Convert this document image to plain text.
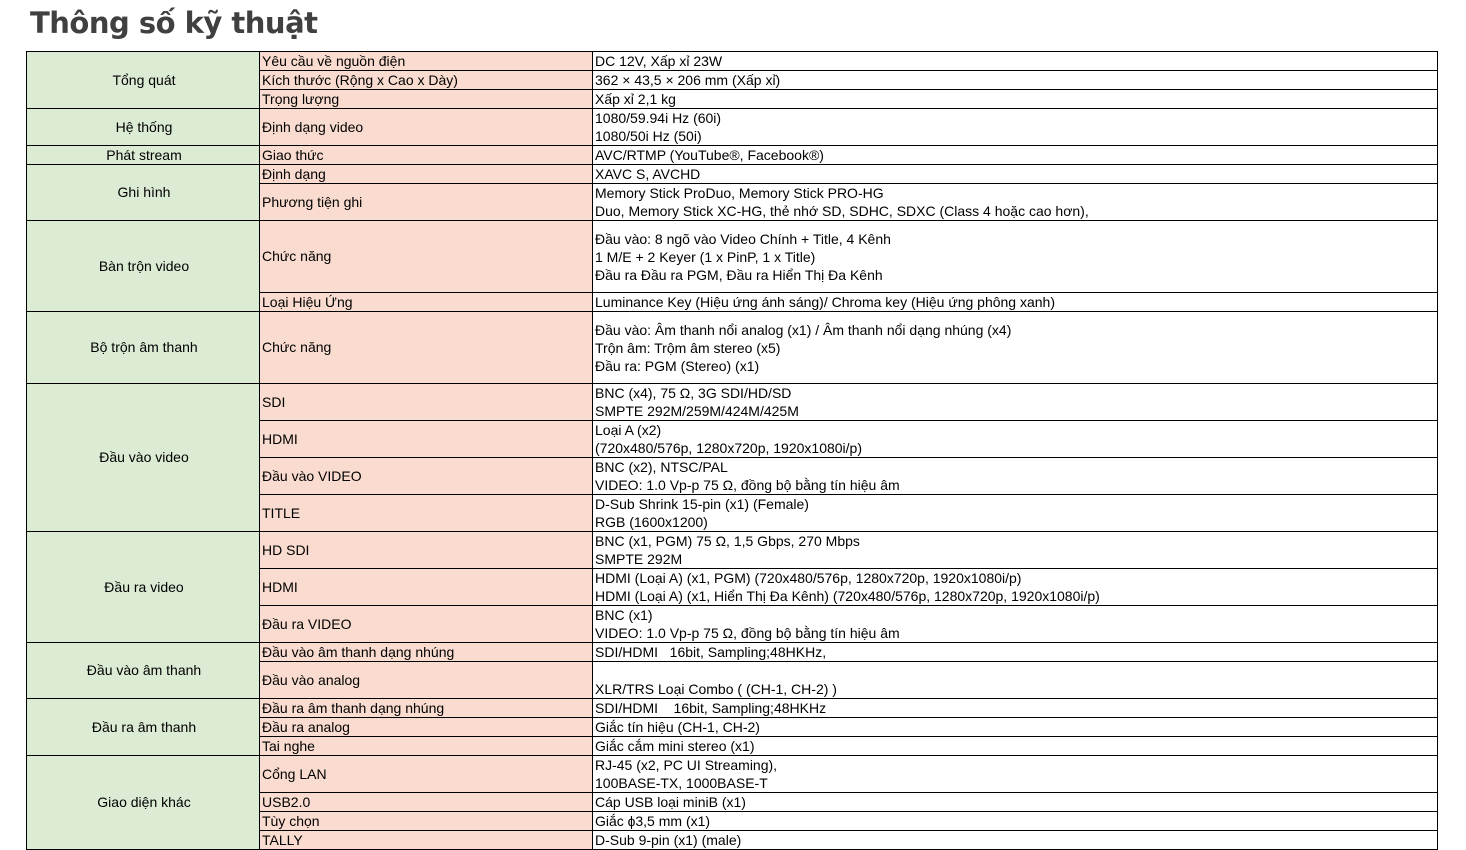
Thông số kỹ thuật
Tổng quát	Yêu cầu về nguồn điện	DC 12V, Xấp xỉ 23W

	Kích thước (Rộng x Cao x Dày)	362 × 43,5 × 206 mm (Xấp xỉ)

	Trọng lượng	Xấp xỉ 2,1 kg

Hệ thống	Định dạng video	1080/59.94i Hz (60i)
1080/50i Hz (50i)

Phát stream	Giao thức	AVC/RTMP (YouTube®, Facebook®)

Ghi hình	Định dạng	XAVC S, AVCHD

	Phương tiện ghi	Memory Stick ProDuo, Memory Stick PRO-HG
Duo, Memory Stick XC-HG, thẻ nhớ SD, SDHC, SDXC (Class 4 hoặc cao hơn),

Bàn trộn video	Chức năng	Đầu vào: 8 ngõ vào Video Chính + Title, 4 Kênh
1 M/E + 2 Keyer (1 x PinP, 1 x Title)
Đầu ra Đầu ra PGM, Đầu ra Hiển Thị Đa Kênh

	Loại Hiệu Ứng	Luminance Key (Hiệu ứng ánh sáng)/ Chroma key (Hiệu ứng phông xanh)

Bộ trộn âm thanh	Chức năng	Đầu vào: Âm thanh nổi analog (x1) / Âm thanh nổi dạng nhúng (x4)
Trộn âm: Trộm âm stereo (x5)
Đầu ra: PGM (Stereo) (x1)

Đầu vào video	SDI	BNC (x4), 75 Ω, 3G SDI/HD/SD
SMPTE 292M/259M/424M/425M

	HDMI	Loại A (x2)
(720x480/576p, 1280x720p, 1920x1080i/p)

	Đầu vào VIDEO	BNC (x2), NTSC/PAL
VIDEO: 1.0 Vp-p 75 Ω, đồng bộ bằng tín hiệu âm

	TITLE	D-Sub Shrink 15-pin (x1) (Female)
RGB (1600x1200)

Đầu ra video	HD SDI	BNC (x1, PGM) 75 Ω, 1,5 Gbps, 270 Mbps
SMPTE 292M

	HDMI	HDMI (Loại A) (x1, PGM) (720x480/576p, 1280x720p, 1920x1080i/p)
HDMI (Loại A) (x1, Hiển Thị Đa Kênh) (720x480/576p, 1280x720p, 1920x1080i/p)

	Đầu ra VIDEO	BNC (x1)
VIDEO: 1.0 Vp-p 75 Ω, đồng bộ bằng tín hiệu âm

Đầu vào âm thanh	Đầu vào âm thanh dạng nhúng	SDI/HDMI   16bit, Sampling;48HKHz,

	Đầu vào analog	XLR/TRS Loại Combo ( (CH-1, CH-2) )

Đầu ra âm thanh	Đầu ra âm thanh dạng nhúng	SDI/HDMI    16bit, Sampling;48HKHz

	Đầu ra analog	Giắc tín hiệu (CH-1, CH-2)

	Tai nghe	Giắc cắm mini stereo (x1)

Giao diện khác	Cổng LAN	RJ-45 (x2, PC UI Streaming),
100BASE-TX, 1000BASE-T

	USB2.0	Cáp USB loại miniB (x1)

	Tùy chọn	Giắc ɸ3,5 mm (x1)

	TALLY	D-Sub 9-pin (x1) (male)
